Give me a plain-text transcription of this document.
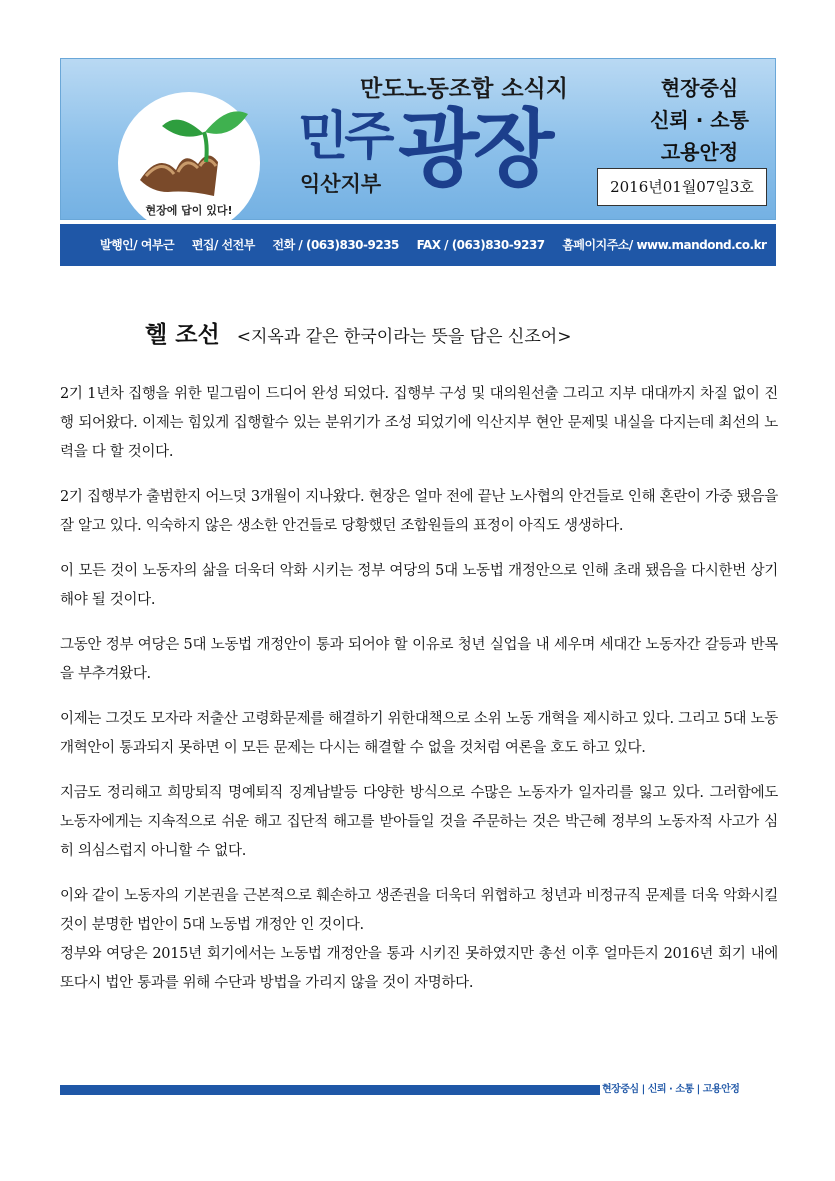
현장에 답이 있다!
만도노동조합 소식지
민주 광장
익산지부
현장중심
신뢰 · 소통
고용안정
2016년01월07일3호
발행인/ 여부근 편집/ 선전부 전화 / (063)830-9235 FAX / (063)830-9237 홈페이지주소/ www.mandond.co.kr
헬 조선 <지옥과 같은 한국이라는 뜻을 담은 신조어>

2기 1년차 집행을 위한 밑그림이 드디어 완성 되었다. 집행부 구성 및 대의원선출 그리고 지부 대대까지 차질 없이 진행 되어왔다. 이제는 힘있게 집행할수 있는 분위기가 조성 되었기에 익산지부 현안 문제및 내실을 다지는데 최선의 노력을 다 할 것이다.

2기 집행부가 출범한지 어느덧 3개월이 지나왔다. 현장은 얼마 전에 끝난 노사협의 안건들로 인해 혼란이 가중 됐음을 잘 알고 있다. 익숙하지 않은 생소한 안건들로 당황했던 조합원들의 표정이 아직도 생생하다.

이 모든 것이 노동자의 삶을 더욱더 악화 시키는 정부 여당의 5대 노동법 개정안으로 인해 초래 됐음을 다시한번 상기해야 될 것이다.

그동안 정부 여당은 5대 노동법 개정안이 통과 되어야 할 이유로 청년 실업을 내 세우며 세대간 노동자간 갈등과 반목을 부추겨왔다.

이제는 그것도 모자라 저출산 고령화문제를 해결하기 위한대책으로 소위 노동 개혁을 제시하고 있다. 그리고 5대 노동 개혁안이 통과되지 못하면 이 모든 문제는 다시는 해결할 수 없을 것처럼 여론을 호도 하고 있다.

지금도 정리해고 희망퇴직 명예퇴직 징계남발등 다양한 방식으로 수많은 노동자가 일자리를 잃고 있다. 그러함에도 노동자에게는 지속적으로 쉬운 해고 집단적 해고를 받아들일 것을 주문하는 것은 박근혜 정부의 노동자적 사고가 심히 의심스럽지 아니할 수 없다.

이와 같이 노동자의 기본권을 근본적으로 훼손하고 생존권을 더욱더 위협하고 청년과 비정규직 문제를 더욱 악화시킬 것이 분명한 법안이 5대 노동법 개정안 인 것이다.

정부와 여당은 2015년 회기에서는 노동법 개정안을 통과 시키진 못하였지만 총선 이후 얼마든지 2016년 회기 내에 또다시 법안 통과를 위해 수단과 방법을 가리지 않을 것이 자명하다.

현장중심 | 신뢰 · 소통 | 고용안정
